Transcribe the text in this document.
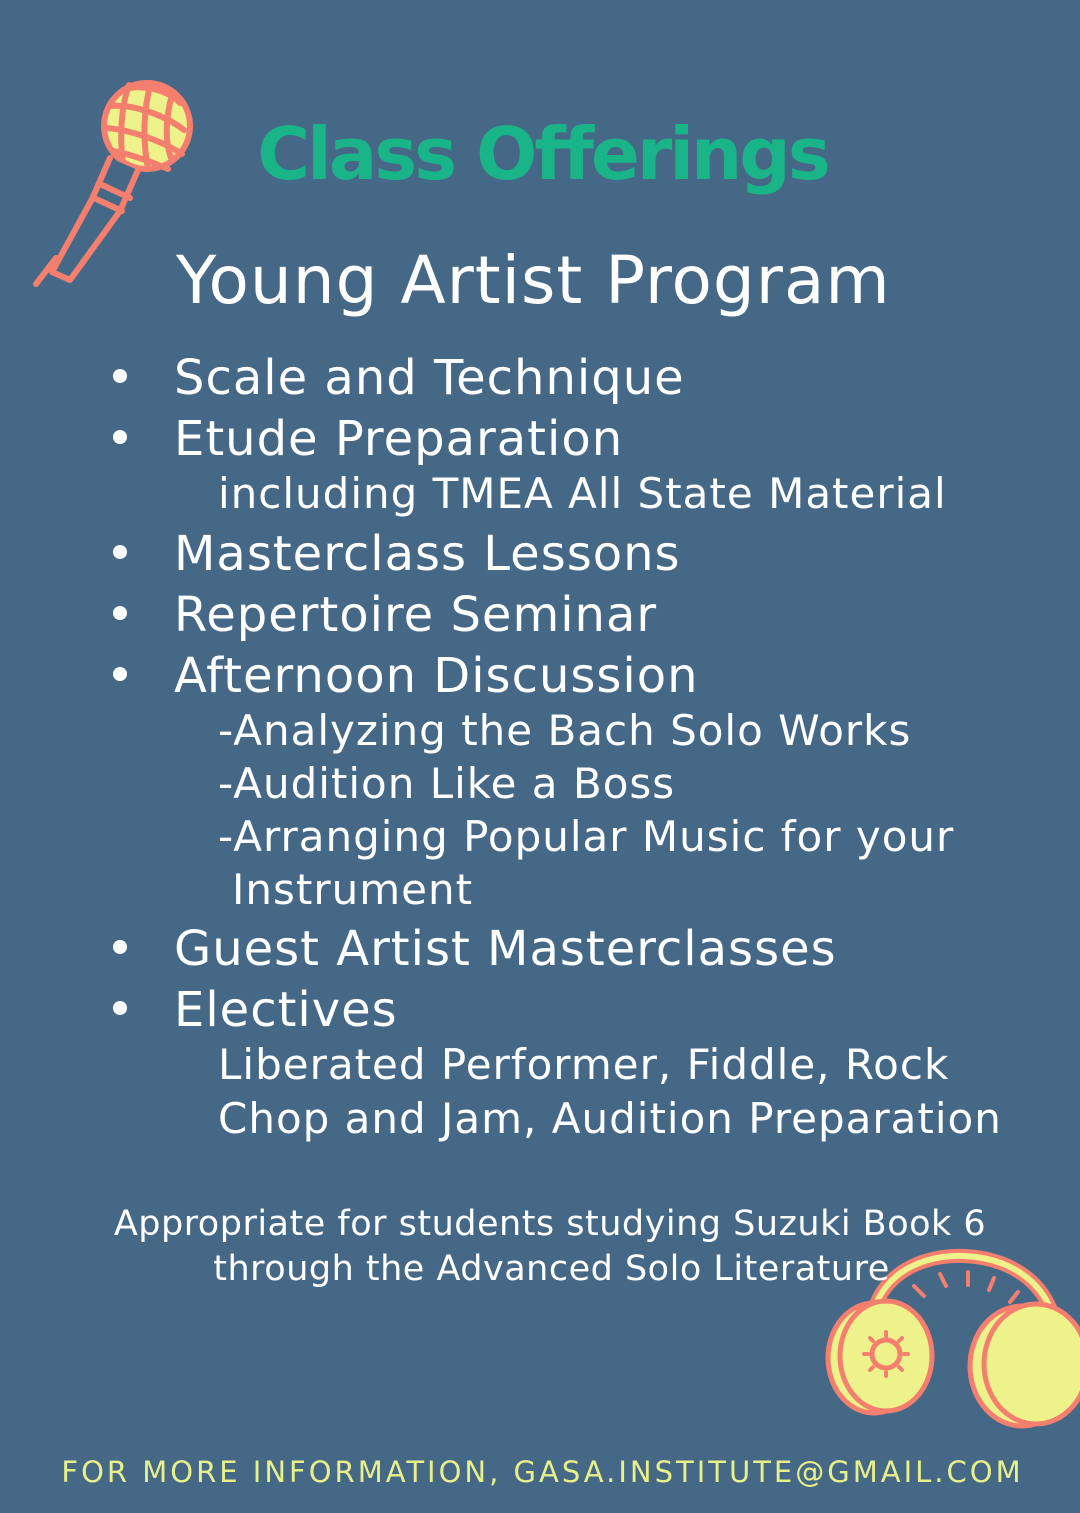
Class Offerings
Young Artist Program
Scale and Technique
Etude Preparation
including TMEA All State Material
Masterclass Lessons
Repertoire Seminar
Afternoon Discussion
-Analyzing the Bach Solo Works
-Audition Like a Boss
-Arranging Popular Music for your
Instrument
Guest Artist Masterclasses
Electives
Liberated Performer, Fiddle, Rock
Chop and Jam, Audition Preparation
Appropriate for students studying Suzuki Book 6
through the Advanced Solo Literature
FOR MORE INFORMATION, GASA.INSTITUTE@GMAIL.COM
